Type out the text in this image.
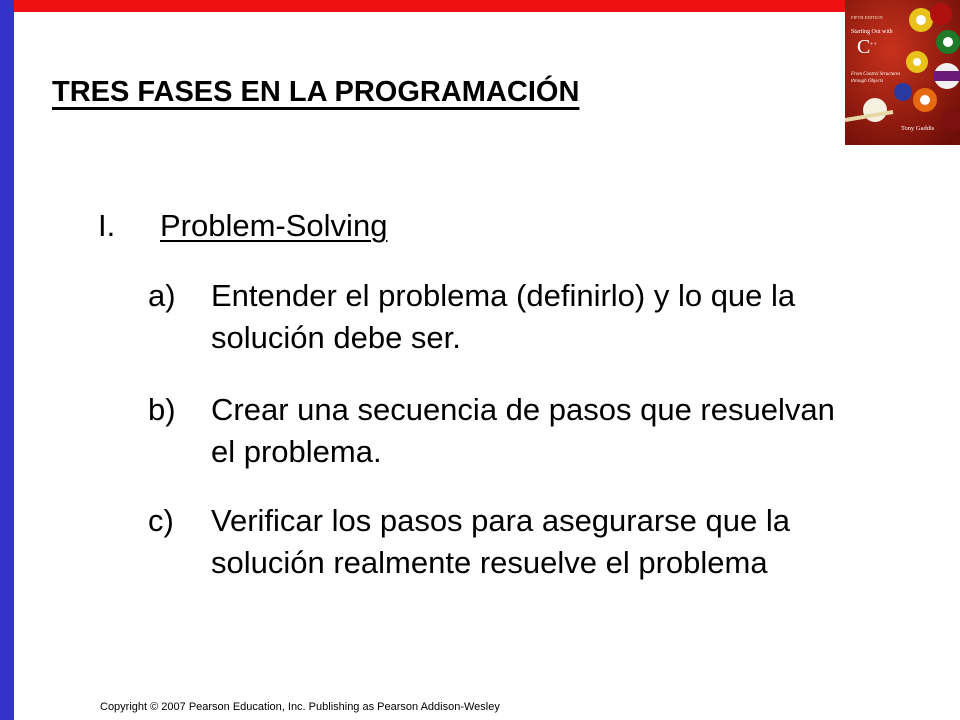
TRES FASES EN LA PROGRAMACIÓN
FIFTH EDITION
Starting Out with
C ++
From Control Structures
through Objects
Tony Gaddis
I. Problem-Solving
a) Entender el problema (definirlo) y lo que la solución debe ser.
b) Crear una secuencia de pasos que resuelvan el problema.
c) Verificar los pasos para asegurarse que la solución realmente resuelve el problema
Copyright © 2007 Pearson Education, Inc. Publishing as Pearson Addison-Wesley
